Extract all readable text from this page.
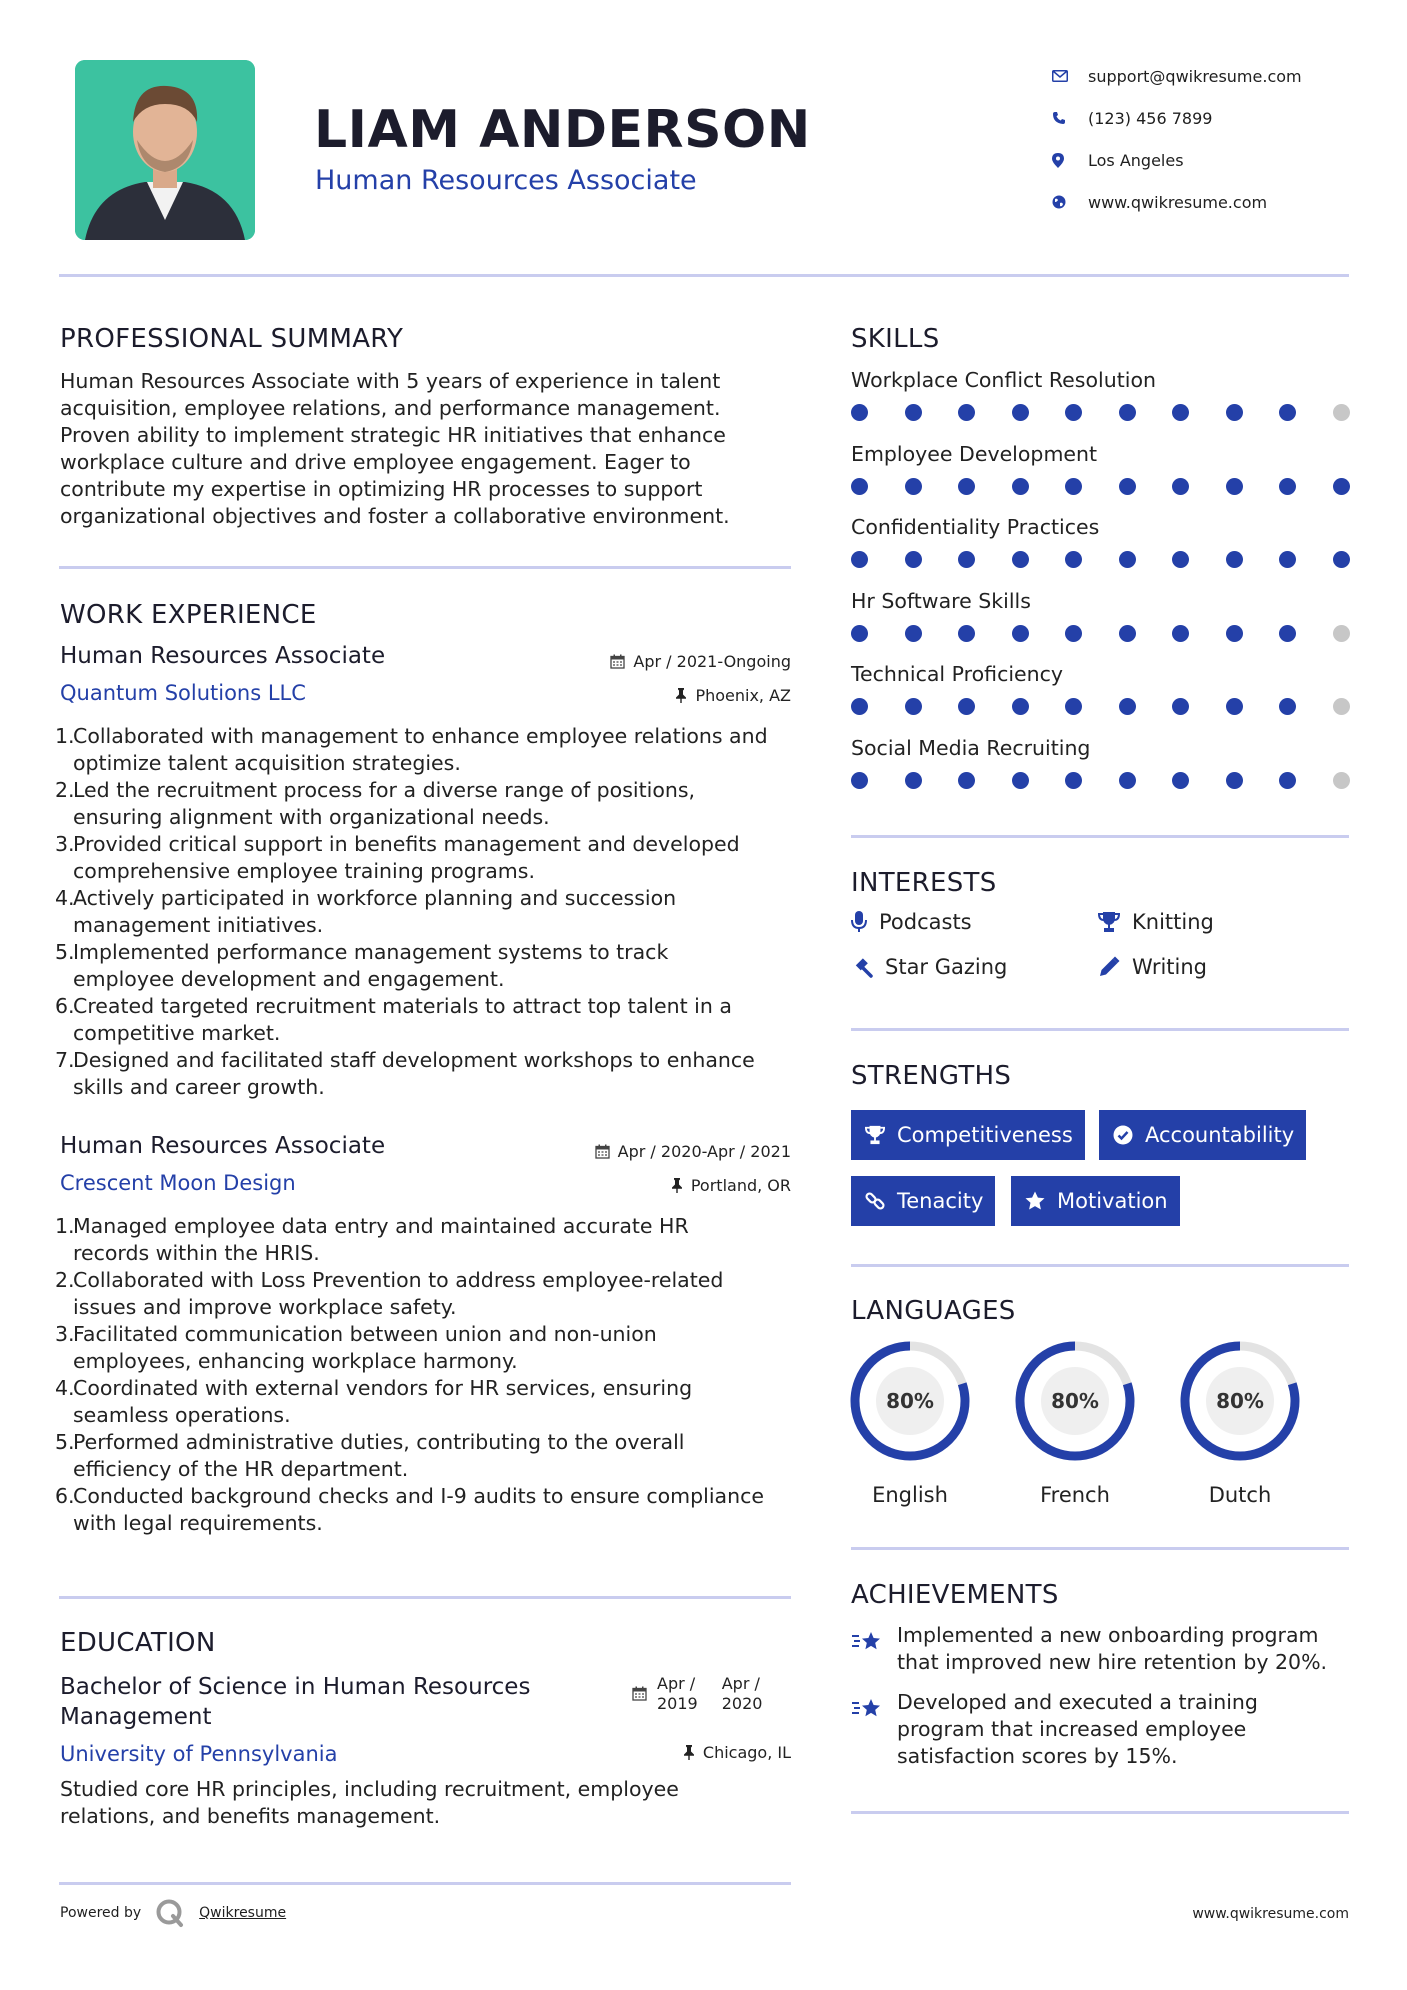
LIAM ANDERSON
Human Resources Associate
support@qwikresume.com
(123) 456 7899
Los Angeles
www.qwikresume.com
PROFESSIONAL SUMMARY
Human Resources Associate with 5 years of experience in talent
acquisition, employee relations, and performance management.
Proven ability to implement strategic HR initiatives that enhance
workplace culture and drive employee engagement. Eager to
contribute my expertise in optimizing HR processes to support
organizational objectives and foster a collaborative environment.
WORK EXPERIENCE
Human Resources Associate
Quantum Solutions LLC
Apr / 2021-Ongoing
Phoenix, AZ
1.
Collaborated with management to enhance employee relations and
optimize talent acquisition strategies.
2.
Led the recruitment process for a diverse range of positions,
ensuring alignment with organizational needs.
3.
Provided critical support in benefits management and developed
comprehensive employee training programs.
4.
Actively participated in workforce planning and succession
management initiatives.
5.
Implemented performance management systems to track
employee development and engagement.
6.
Created targeted recruitment materials to attract top talent in a
competitive market.
7.
Designed and facilitated staff development workshops to enhance
skills and career growth.
Human Resources Associate
Crescent Moon Design
Apr / 2020-Apr / 2021
Portland, OR
1.
Managed employee data entry and maintained accurate HR
records within the HRIS.
2.
Collaborated with Loss Prevention to address employee-related
issues and improve workplace safety.
3.
Facilitated communication between union and non-union
employees, enhancing workplace harmony.
4.
Coordinated with external vendors for HR services, ensuring
seamless operations.
5.
Performed administrative duties, contributing to the overall
efficiency of the HR department.
6.
Conducted background checks and I-9 audits to ensure compliance
with legal requirements.
EDUCATION
Bachelor of Science in Human Resources
Management
University of Pennsylvania
Apr /
2019
Apr /
2020
Chicago, IL
Studied core HR principles, including recruitment, employee
relations, and benefits management.
SKILLS
Workplace Conflict Resolution
Employee Development
Confidentiality Practices
Hr Software Skills
Technical Proficiency
Social Media Recruiting
INTERESTS
Podcasts	Knitting
Star Gazing	Writing
STRENGTHS
Competitiveness	Accountability
Tenacity	Motivation
LANGUAGES
80%
English
80%
French
80%
Dutch
ACHIEVEMENTS
Implemented a new onboarding program
that improved new hire retention by 20%.
Developed and executed a training
program that increased employee
satisfaction scores by 15%.
Powered by	Qwikresume	www.qwikresume.com
